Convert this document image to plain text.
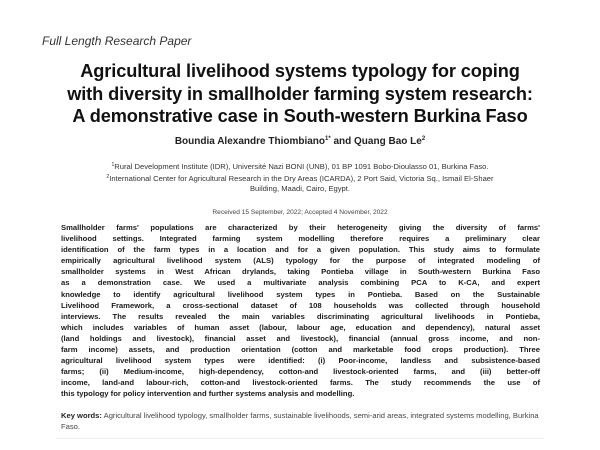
Full Length Research Paper
Agricultural livelihood systems typology for coping
with diversity in smallholder farming system research:
A demonstrative case in South-western Burkina Faso
Boundia Alexandre Thiombiano$^{1*}$ and Quang Bao Le$^2$
$^1$Rural Development Institute (IDR), Université Nazi BONI (UNB), 01 BP 1091 Bobo-Dioulasso 01, Burkina Faso.
$^2$International Center for Agricultural Research in the Dry Areas (ICARDA), 2 Port Said, Victoria Sq., Ismail El-Shaer
Building, Maadi, Cairo, Egypt.
Received 15 September, 2022; Accepted 4 November, 2022
Smallholder farms' populations are characterized by their heterogeneity giving the diversity of farms'
livelihood settings. Integrated farming system modelling therefore requires a preliminary clear
identification of the farm types in a location and for a given population. This study aims to formulate
empirically agricultural livelihood system (ALS) typology for the purpose of integrated modeling of
smallholder systems in West African drylands, taking Pontieba village in South-western Burkina Faso
as a demonstration case. We used a multivariate analysis combining PCA to K-CA, and expert
knowledge to identify agricultural livelihood system types in Pontieba. Based on the Sustainable
Livelihood Framework, a cross-sectional dataset of 108 households was collected through household
interviews. The results revealed the main variables discriminating agricultural livelihoods in Pontieba,
which includes variables of human asset (labour, labour age, education and dependency), natural asset
(land holdings and livestock), financial asset and livestock), financial (annual gross income, and non-
farm income) assets, and production orientation (cotton and marketable food crops production). Three
agricultural livelihood system types were identified: (i) Poor-income, landless and subsistence-based
farms; (ii) Medium-income, high-dependency, cotton-and livestock-oriented farms, and (iii) better-off
income, land-and labour-rich, cotton-and livestock-oriented farms. The study recommends the use of
this typology for policy intervention and further systems analysis and modelling.
Key words: Agricultural livelihood typology, smallholder farms, sustainable livelihoods, semi-arid areas, integrated systems modelling, Burkina Faso.
